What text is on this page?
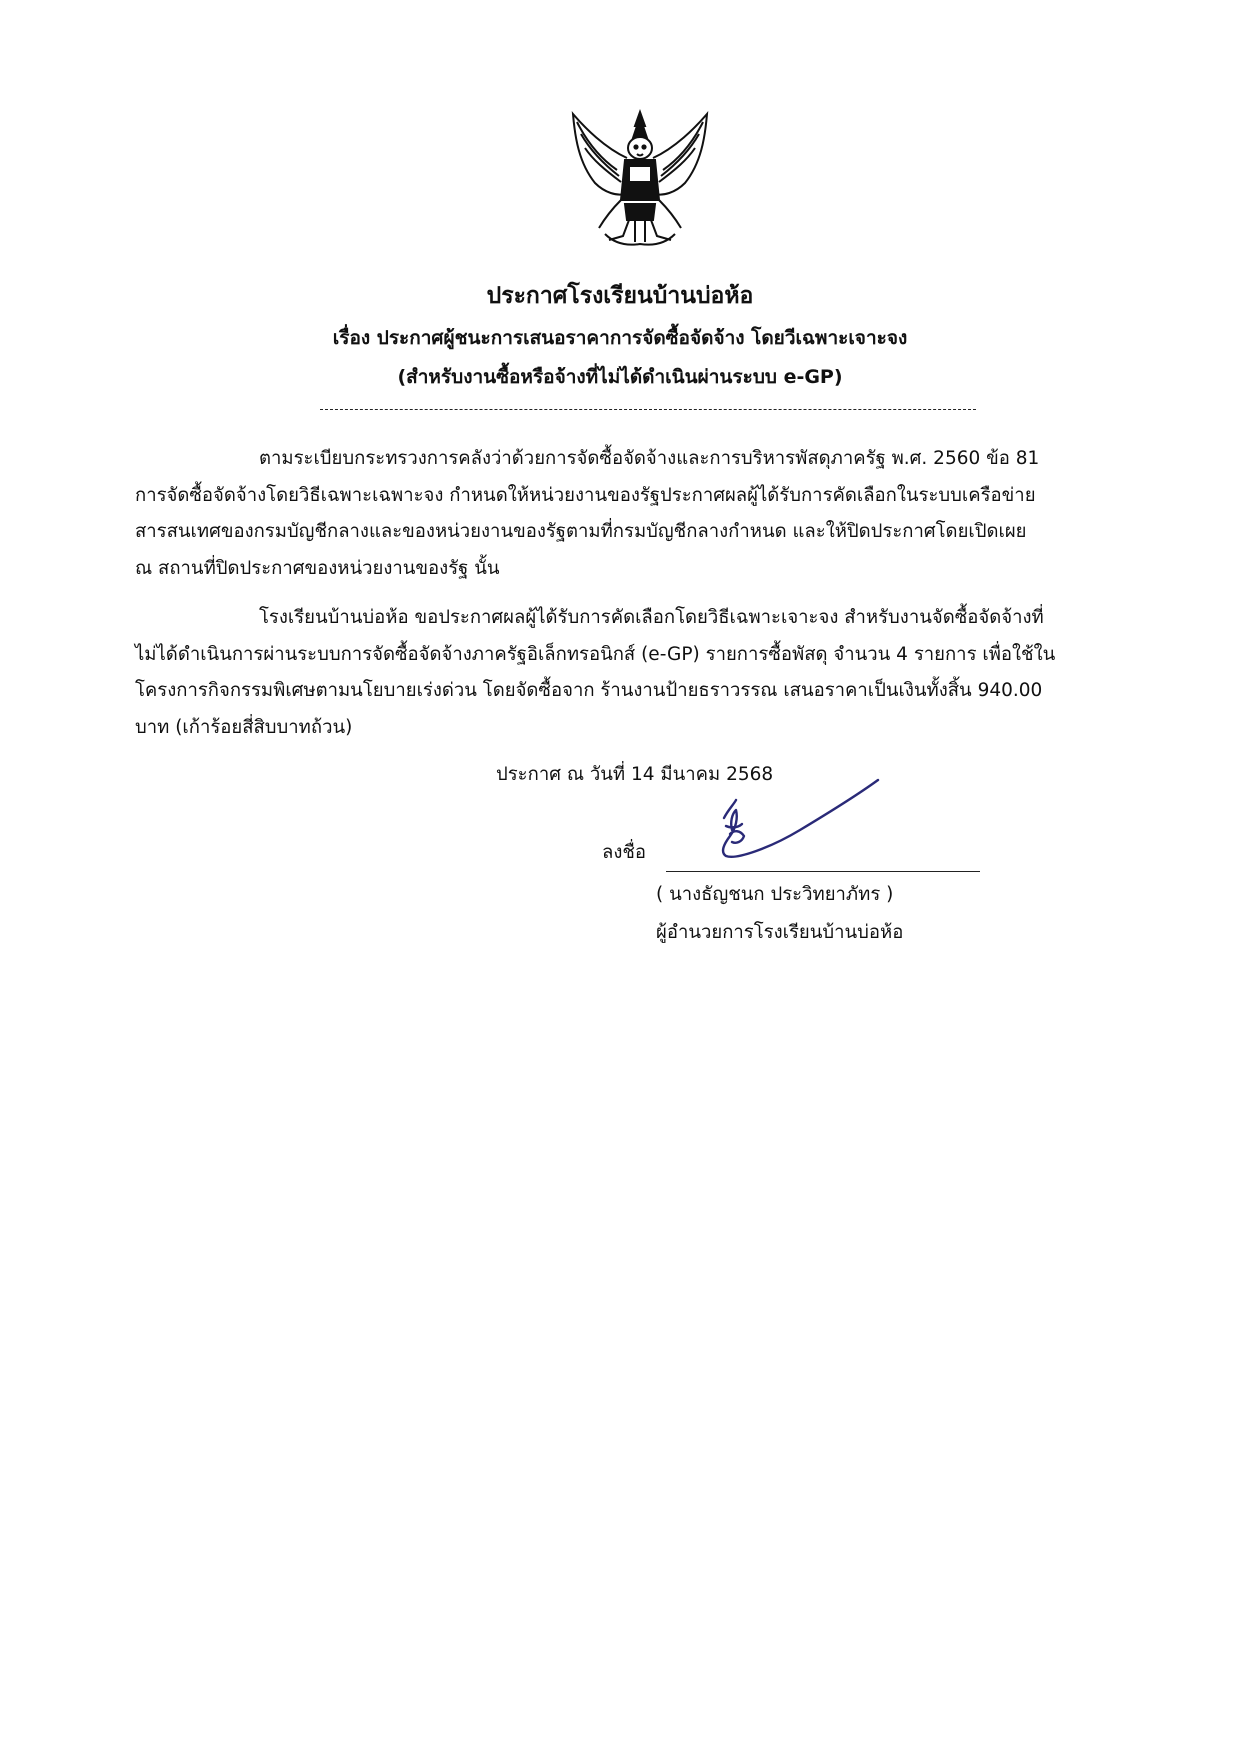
ประกาศโรงเรียนบ้านบ่อห้อ
เรื่อง ประกาศผู้ชนะการเสนอราคาการจัดซื้อจัดจ้าง โดยวีเฉพาะเจาะจง
(สำหรับงานซื้อหรือจ้างที่ไม่ได้ดำเนินผ่านระบบ e-GP)
ตามระเบียบกระทรวงการคลังว่าด้วยการจัดซื้อจัดจ้างและการบริหารพัสดุภาครัฐ พ.ศ. 2560 ข้อ 81
การจัดซื้อจัดจ้างโดยวิธีเฉพาะเฉพาะจง กำหนดให้หน่วยงานของรัฐประกาศผลผู้ได้รับการคัดเลือกในระบบเครือข่าย
สารสนเทศของกรมบัญชีกลางและของหน่วยงานของรัฐตามที่กรมบัญชีกลางกำหนด และให้ปิดประกาศโดยเปิดเผย
ณ สถานที่ปิดประกาศของหน่วยงานของรัฐ นั้น
โรงเรียนบ้านบ่อห้อ ขอประกาศผลผู้ได้รับการคัดเลือกโดยวิธีเฉพาะเจาะจง สำหรับงานจัดซื้อจัดจ้างที่
ไม่ได้ดำเนินการผ่านระบบการจัดซื้อจัดจ้างภาครัฐอิเล็กทรอนิกส์ (e-GP) รายการซื้อพัสดุ จำนวน 4 รายการ เพื่อใช้ใน
โครงการกิจกรรมพิเศษตามนโยบายเร่งด่วน โดยจัดซื้อจาก ร้านงานป้ายธราวรรณ เสนอราคาเป็นเงินทั้งสิ้น 940.00
บาท (เก้าร้อยสี่สิบบาทถ้วน)
ประกาศ ณ วันที่ 14 มีนาคม 2568
ลงชื่อ
( นางธัญชนก ประวิทยาภัทร )
ผู้อำนวยการโรงเรียนบ้านบ่อห้อ
